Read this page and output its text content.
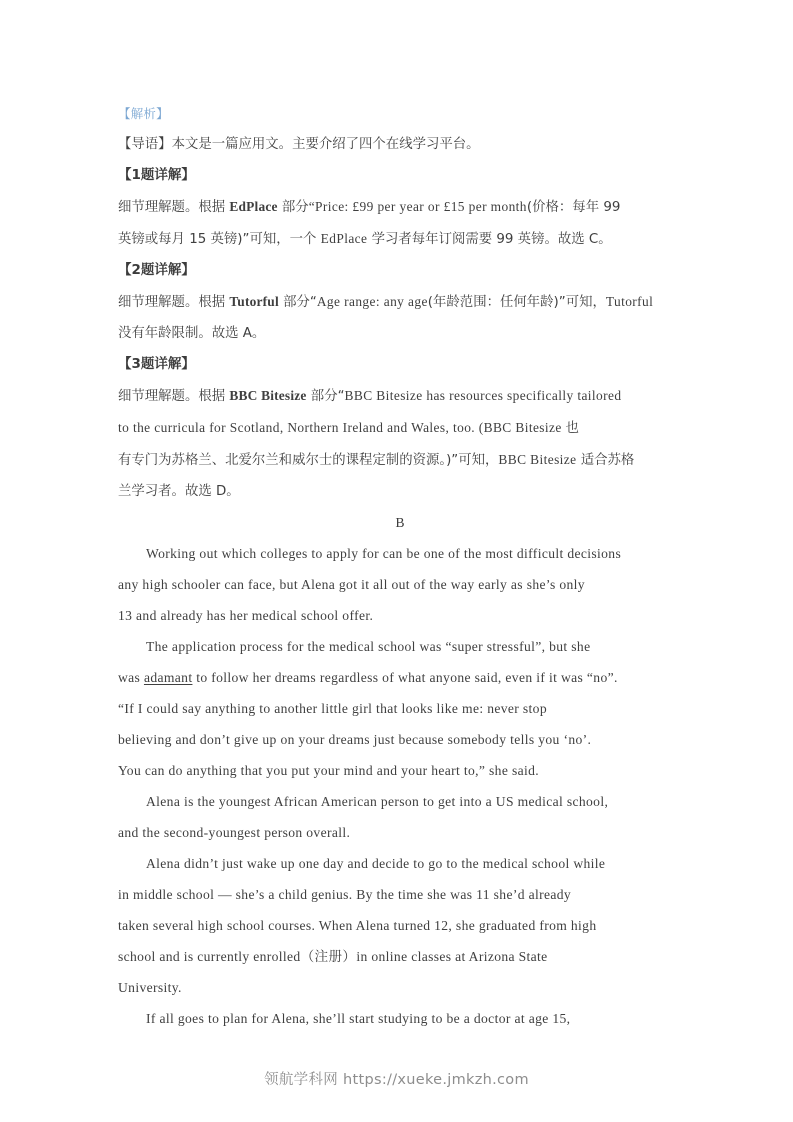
【解析】
【导语】本文是一篇应用文。主要介绍了四个在线学习平台。
【1题详解】
细节理解题。根据 EdPlace 部分“Price: £99 per year or £15 per month(价格：每年 99
英镑或每月 15 英镑)”可知，一个 EdPlace 学习者每年订阅需要 99 英镑。故选 C。
【2题详解】
细节理解题。根据 Tutorful 部分“Age range: any age(年龄范围：任何年龄)”可知，Tutorful
没有年龄限制。故选 A。
【3题详解】
细节理解题。根据 BBC Bitesize 部分“BBC Bitesize has resources specifically tailored
to the curricula for Scotland, Northern Ireland and Wales, too. (BBC Bitesize 也
有专门为苏格兰、北爱尔兰和威尔士的课程定制的资源。)”可知，BBC Bitesize 适合苏格
兰学习者。故选 D。
B
Working out which colleges to apply for can be one of the most difficult decisions
any high schooler can face, but Alena got it all out of the way early as she’s only
13 and already has her medical school offer.
The application process for the medical school was “super stressful”, but she
was adamant to follow her dreams regardless of what anyone said, even if it was “no”.
“If I could say anything to another little girl that looks like me: never stop
believing and don’t give up on your dreams just because somebody tells you ‘no’.
You can do anything that you put your mind and your heart to,” she said.
Alena is the youngest African American person to get into a US medical school,
and the second-youngest person overall.
Alena didn’t just wake up one day and decide to go to the medical school while
in middle school — she’s a child genius. By the time she was 11 she’d already
taken several high school courses. When Alena turned 12, she graduated from high
school and is currently enrolled（注册）in online classes at Arizona State
University.
If all goes to plan for Alena, she’ll start studying to be a doctor at age 15,
领航学科网 https://xueke.jmkzh.com
